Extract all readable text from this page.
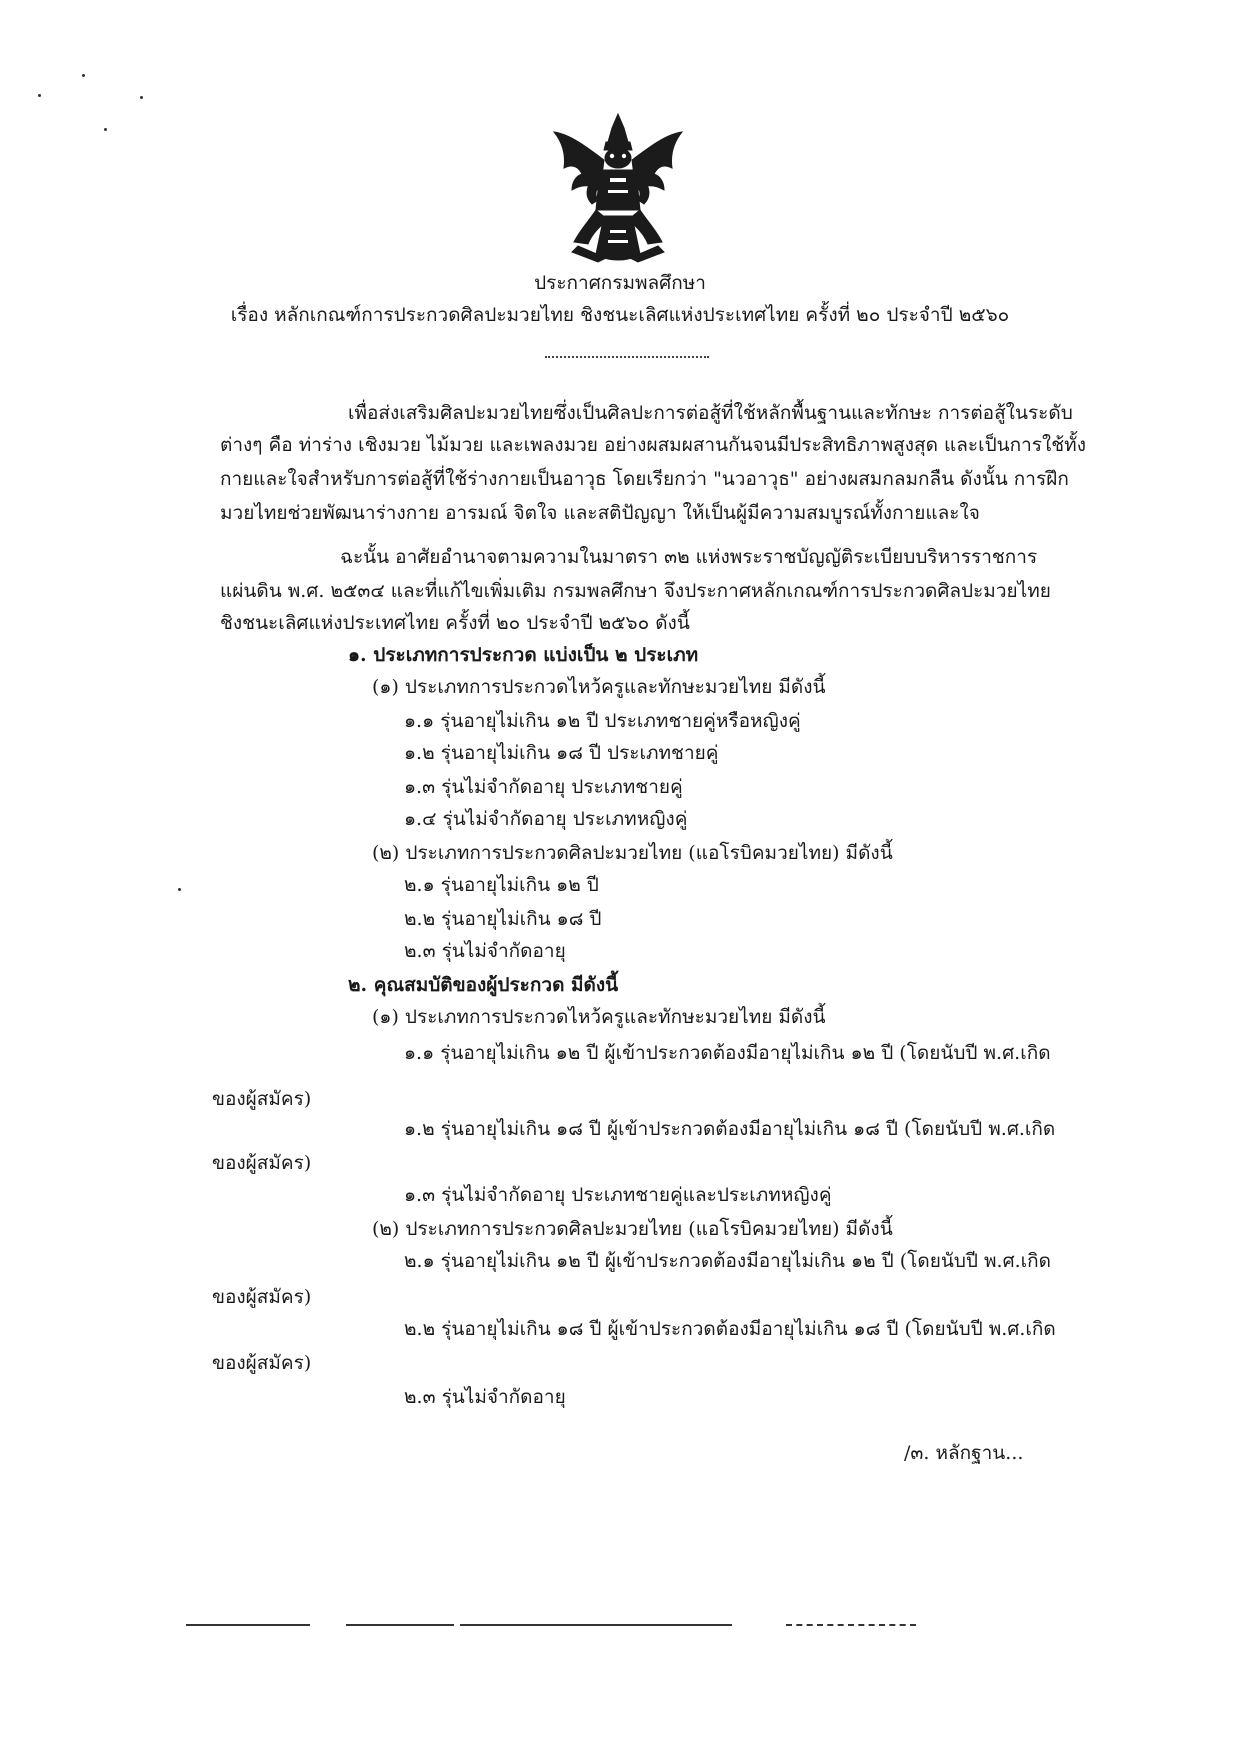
ประกาศกรมพลศึกษา
เรื่อง หลักเกณฑ์การประกวดศิลปะมวยไทย ชิงชนะเลิศแห่งประเทศไทย ครั้งที่ ๒๐ ประจำปี ๒๕๖๐
เพื่อส่งเสริมศิลปะมวยไทยซึ่งเป็นศิลปะการต่อสู้ที่ใช้หลักพื้นฐานและทักษะ การต่อสู้ในระดับ
ต่างๆ คือ ท่าร่าง เชิงมวย ไม้มวย และเพลงมวย อย่างผสมผสานกันจนมีประสิทธิภาพสูงสุด และเป็นการใช้ทั้ง
กายและใจสำหรับการต่อสู้ที่ใช้ร่างกายเป็นอาวุธ โดยเรียกว่า "นวอาวุธ" อย่างผสมกลมกลืน ดังนั้น การฝึก
มวยไทยช่วยพัฒนาร่างกาย อารมณ์ จิตใจ และสติปัญญา ให้เป็นผู้มีความสมบูรณ์ทั้งกายและใจ
ฉะนั้น อาศัยอำนาจตามความในมาตรา ๓๒ แห่งพระราชบัญญัติระเบียบบริหารราชการ
แผ่นดิน พ.ศ. ๒๕๓๔ และที่แก้ไขเพิ่มเติม กรมพลศึกษา จึงประกาศหลักเกณฑ์การประกวดศิลปะมวยไทย
ชิงชนะเลิศแห่งประเทศไทย ครั้งที่ ๒๐ ประจำปี ๒๕๖๐ ดังนี้
๑. ประเภทการประกวด แบ่งเป็น ๒ ประเภท
(๑) ประเภทการประกวดไหว้ครูและทักษะมวยไทย มีดังนี้
๑.๑ รุ่นอายุไม่เกิน ๑๒ ปี ประเภทชายคู่หรือหญิงคู่
๑.๒ รุ่นอายุไม่เกิน ๑๘ ปี ประเภทชายคู่
๑.๓ รุ่นไม่จำกัดอายุ ประเภทชายคู่
๑.๔ รุ่นไม่จำกัดอายุ ประเภทหญิงคู่
(๒) ประเภทการประกวดศิลปะมวยไทย (แอโรบิคมวยไทย) มีดังนี้
๒.๑ รุ่นอายุไม่เกิน ๑๒ ปี
๒.๒ รุ่นอายุไม่เกิน ๑๘ ปี
๒.๓ รุ่นไม่จำกัดอายุ
๒. คุณสมบัติของผู้ประกวด มีดังนี้
(๑) ประเภทการประกวดไหว้ครูและทักษะมวยไทย มีดังนี้
๑.๑ รุ่นอายุไม่เกิน ๑๒ ปี ผู้เข้าประกวดต้องมีอายุไม่เกิน ๑๒ ปี (โดยนับปี พ.ศ.เกิด
ของผู้สมัคร)
๑.๒ รุ่นอายุไม่เกิน ๑๘ ปี ผู้เข้าประกวดต้องมีอายุไม่เกิน ๑๘ ปี (โดยนับปี พ.ศ.เกิด
ของผู้สมัคร)
๑.๓ รุ่นไม่จำกัดอายุ ประเภทชายคู่และประเภทหญิงคู่
(๒) ประเภทการประกวดศิลปะมวยไทย (แอโรบิคมวยไทย) มีดังนี้
๒.๑ รุ่นอายุไม่เกิน ๑๒ ปี ผู้เข้าประกวดต้องมีอายุไม่เกิน ๑๒ ปี (โดยนับปี พ.ศ.เกิด
ของผู้สมัคร)
๒.๒ รุ่นอายุไม่เกิน ๑๘ ปี ผู้เข้าประกวดต้องมีอายุไม่เกิน ๑๘ ปี (โดยนับปี พ.ศ.เกิด
ของผู้สมัคร)
๒.๓ รุ่นไม่จำกัดอายุ
/๓. หลักฐาน...
